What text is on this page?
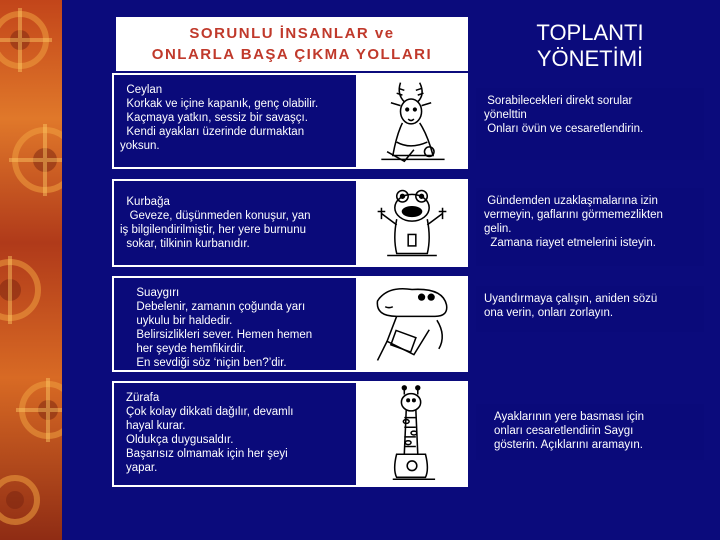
SORUNLU İNSANLAR ve
ONLARLA BAŞA ÇIKMA YOLLARI
TOPLANTI
YÖNETİMİ
Ceylan
Korkak ve içine kapanık, genç olabilir.
Kaçmaya yatkın, sessiz bir savaşçı.
Kendi ayakları üzerinde durmaktan
yoksun.
Sorabilecekleri direkt sorular
yönelttin
Onları övün ve cesaretlendirin.
Kurbağa
Geveze, düşünmeden konuşur, yan
iş bilgilendirilmiştir, her yere burnunu
sokar, tilkinin kurbanıdır.
Gündemden uzaklaşmalarına izin
vermeyin, gaflarını görmemezlikten
gelin.
Zamana riayet etmelerini isteyin.
Suaygırı
Debelenir, zamanın çoğunda yarı
uykulu bir haldedir.
Belirsizlikleri sever. Hemen hemen
her şeyde hemfikirdir.
En sevdiği söz ‘niçin ben?’dir.
Uyandırmaya çalışın, aniden sözü
ona verin, onları zorlayın.
Zürafa
Çok kolay dikkati dağılır, devamlı
hayal kurar.
Oldukça duygusaldır.
Başarısız olmamak için her şeyi
yapar.
Ayaklarının yere basması için
onları cesaretlendirin Saygı
gösterin. Açıklarını aramayın.
